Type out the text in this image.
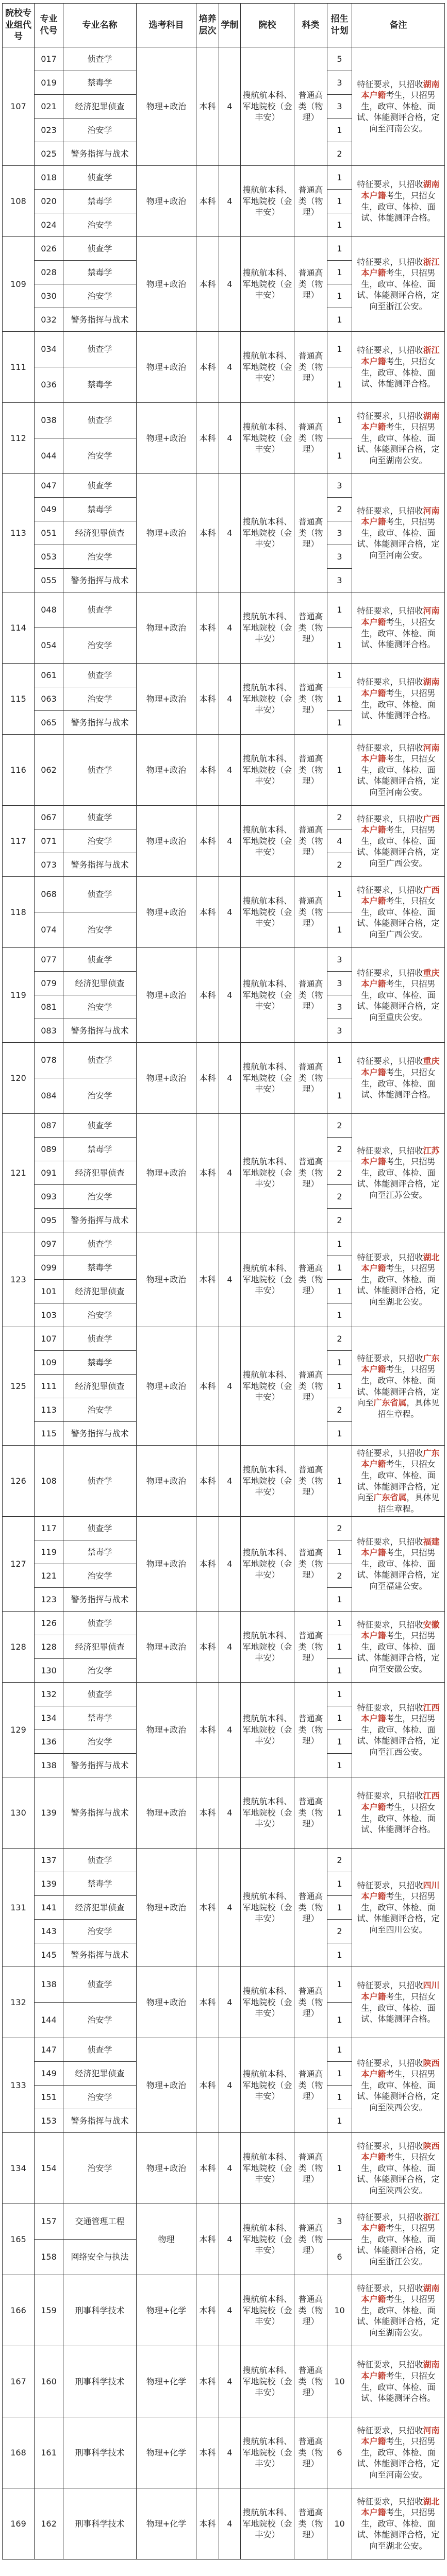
院校专业组代号	专业代号	专业名称	选考科目	培养层次	学制	院校	科类	招生计划	备注
107	017	侦查学	物理+政治	本科	4	搜航航本科、军地院校（金丰安）	普通高类（物理）	5	特征要求，只招收湖南本户籍考生，只招男生，政审、体检、面试、体能测评合格，定向至河南公安。
	019	禁毒学						3	
	021	经济犯罪侦查						3	
	023	治安学						1	
	025	警务指挥与战术						2	
108	018	侦查学	物理+政治	本科	4	搜航航本科、军地院校（金丰安）	普通高类（物理）	1	特征要求，只招收湖南本户籍考生，只招女生，政审、体检、面试、体能测评合格。
	020	禁毒学						1	
	024	治安学						1	
109	026	侦查学	物理+政治	本科	4	搜航航本科、军地院校（金丰安）	普通高类（物理）	1	特征要求，只招收浙江本户籍考生，只招男生，政审、体检、面试、体能测评合格，定向至浙江公安。
	028	禁毒学						1	
	030	治安学						1	
	032	警务指挥与战术						1	
111	034	侦查学	物理+政治	本科	4	搜航航本科、军地院校（金丰安）	普通高类（物理）	1	特征要求，只招收浙江本户籍考生，只招女生，政审、体检、面试、体能测评合格。
	036	禁毒学						1	
112	038	侦查学	物理+政治	本科	4	搜航航本科、军地院校（金丰安）	普通高类（物理）	1	特征要求，只招收湖南本户籍考生，只招男生，政审、体检、面试、体能测评合格，定向至湖南公安。
	044	治安学						1	
113	047	侦查学	物理+政治	本科	4	搜航航本科、军地院校（金丰安）	普通高类（物理）	3	特征要求，只招收河南本户籍考生，只招男生，政审、体检、面试、体能测评合格，定向至河南公安。
	049	禁毒学						2	
	051	经济犯罪侦查						3	
	053	治安学						3	
	055	警务指挥与战术						3	
114	048	侦查学	物理+政治	本科	4	搜航航本科、军地院校（金丰安）	普通高类（物理）	1	特征要求，只招收河南本户籍考生，只招女生，政审、体检、面试、体能测评合格。
	054	治安学						1	
115	061	侦查学	物理+政治	本科	4	搜航航本科、军地院校（金丰安）	普通高类（物理）	1	特征要求，只招收湖南本户籍考生，只招男生，政审、体检、面试、体能测评合格。
	063	治安学						1	
	065	警务指挥与战术						1	
116	062	侦查学	物理+政治	本科	4	搜航航本科、军地院校（金丰安）	普通高类（物理）	1	特征要求，只招收河南本户籍考生，只招女生，政审、体检、面试、体能测评合格，定向至河南公安。
117	067	侦查学	物理+政治	本科	4	搜航航本科、军地院校（金丰安）	普通高类（物理）	2	特征要求，只招收广西本户籍考生，只招男生，政审、体检、面试、体能测评合格，定向至广西公安。
	071	治安学						4	
	073	警务指挥与战术						2	
118	068	侦查学	物理+政治	本科	4	搜航航本科、军地院校（金丰安）	普通高类（物理）	1	特征要求，只招收广西本户籍考生，只招女生，政审、体检、面试、体能测评合格，定向至广西公安。
	074	治安学						1	
119	077	侦查学	物理+政治	本科	4	搜航航本科、军地院校（金丰安）	普通高类（物理）	3	特征要求，只招收重庆本户籍考生，只招男生，政审、体检、面试、体能测评合格，定向至重庆公安。
	079	经济犯罪侦查						3	
	081	治安学						3	
	083	警务指挥与战术						3	
120	078	侦查学	物理+政治	本科	4	搜航航本科、军地院校（金丰安）	普通高类（物理）	1	特征要求，只招收重庆本户籍考生，只招女生，政审、体检、面试、体能测评合格。
	084	治安学						1	
121	087	侦查学	物理+政治	本科	4	搜航航本科、军地院校（金丰安）	普通高类（物理）	2	特征要求，只招收江苏本户籍考生，只招男生，政审、体检、面试、体能测评合格，定向至江苏公安。
	089	禁毒学						2	
	091	经济犯罪侦查						2	
	093	治安学						2	
	095	警务指挥与战术						2	
123	097	侦查学	物理+政治	本科	4	搜航航本科、军地院校（金丰安）	普通高类（物理）	1	特征要求，只招收湖北本户籍考生，只招男生，政审、体检、面试、体能测评合格，定向至湖北公安。
	099	禁毒学						1	
	101	经济犯罪侦查						1	
	103	治安学						1	
125	107	侦查学	物理+政治	本科	4	搜航航本科、军地院校（金丰安）	普通高类（物理）	2	特征要求，只招收广东本户籍考生，只招男生，政审、体检、面试、体能测评合格，定向至广东省属，具体见招生章程。
	109	禁毒学						1	
	111	经济犯罪侦查						1	
	113	治安学						2	
	115	警务指挥与战术						1	
126	108	侦查学	物理+政治	本科	4	搜航航本科、军地院校（金丰安）	普通高类（物理）	1	特征要求，只招收广东本户籍考生，只招女生，政审、体检、面试、体能测评合格，定向至广东省属，具体见招生章程。
127	117	侦查学	物理+政治	本科	4	搜航航本科、军地院校（金丰安）	普通高类（物理）	2	特征要求，只招收福建本户籍考生，只招男生，政审、体检、面试、体能测评合格，定向至福建公安。
	119	禁毒学						1	
	121	治安学						2	
	123	警务指挥与战术						1	
128	126	侦查学	物理+政治	本科	4	搜航航本科、军地院校（金丰安）	普通高类（物理）	1	特征要求，只招收安徽本户籍考生，只招男生，政审、体检、面试、体能测评合格，定向至安徽公安。
	128	经济犯罪侦查						1	
	130	治安学						1	
129	132	侦查学	物理+政治	本科	4	搜航航本科、军地院校（金丰安）	普通高类（物理）	1	特征要求，只招收江西本户籍考生，只招男生，政审、体检、面试、体能测评合格，定向至江西公安。
	134	禁毒学						1	
	136	治安学						1	
	138	警务指挥与战术						1	
130	139	警务指挥与战术	物理+政治	本科	4	搜航航本科、军地院校（金丰安）	普通高类（物理）	1	特征要求，只招收江西本户籍考生，只招女生，政审、体检、面试、体能测评合格。
131	137	侦查学	物理+政治	本科	4	搜航航本科、军地院校（金丰安）	普通高类（物理）	2	特征要求，只招收四川本户籍考生，只招男生，政审、体检、面试、体能测评合格，定向至四川公安。
	139	禁毒学						1	
	141	经济犯罪侦查						1	
	143	治安学						2	
	145	警务指挥与战术						1	
132	138	侦查学	物理+政治	本科	4	搜航航本科、军地院校（金丰安）	普通高类（物理）	1	特征要求，只招收四川本户籍考生，只招女生，政审、体检、面试、体能测评合格。
	144	治安学						1	
133	147	侦查学	物理+政治	本科	4	搜航航本科、军地院校（金丰安）	普通高类（物理）	1	特征要求，只招收陕西本户籍考生，只招男生，政审、体检、面试、体能测评合格，定向至陕西公安。
	149	经济犯罪侦查						1	
	151	治安学						1	
	153	警务指挥与战术						1	
134	154	治安学	物理+政治	本科	4	搜航航本科、军地院校（金丰安）	普通高类（物理）	1	特征要求，只招收陕西本户籍考生，只招女生，政审、体检、面试、体能测评合格，定向至陕西公安。
165	157	交通管理工程	物理	本科	4	搜航航本科、军地院校（金丰安）	普通高类（物理）	3	特征要求，只招收浙江本户籍考生，只招男生，政审、体检、面试、体能测评合格，定向至浙江公安。
	158	网络安全与执法						6	
166	159	刑事科学技术	物理+化学	本科	4	搜航航本科、军地院校（金丰安）	普通高类（物理）	10	特征要求，只招收湖南本户籍考生，只招男生，政审、体检、面试、体能测评合格，定向至湖南公安。
167	160	刑事科学技术	物理+化学	本科	4	搜航航本科、军地院校（金丰安）	普通高类（物理）	10	特征要求，只招收湖南本户籍考生，只招女生，政审、体检、面试、体能测评合格。
168	161	刑事科学技术	物理+化学	本科	4	搜航航本科、军地院校（金丰安）	普通高类（物理）	6	特征要求，只招收河南本户籍考生，只招男生，政审、体检、面试、体能测评合格，定向至河南公安。
169	162	刑事科学技术	物理+化学	本科	4	搜航航本科、军地院校（金丰安）	普通高类（物理）	10	特征要求，只招收湖北本户籍考生，只招男生，政审、体检、面试、体能测评合格，定向至湖北公安。
